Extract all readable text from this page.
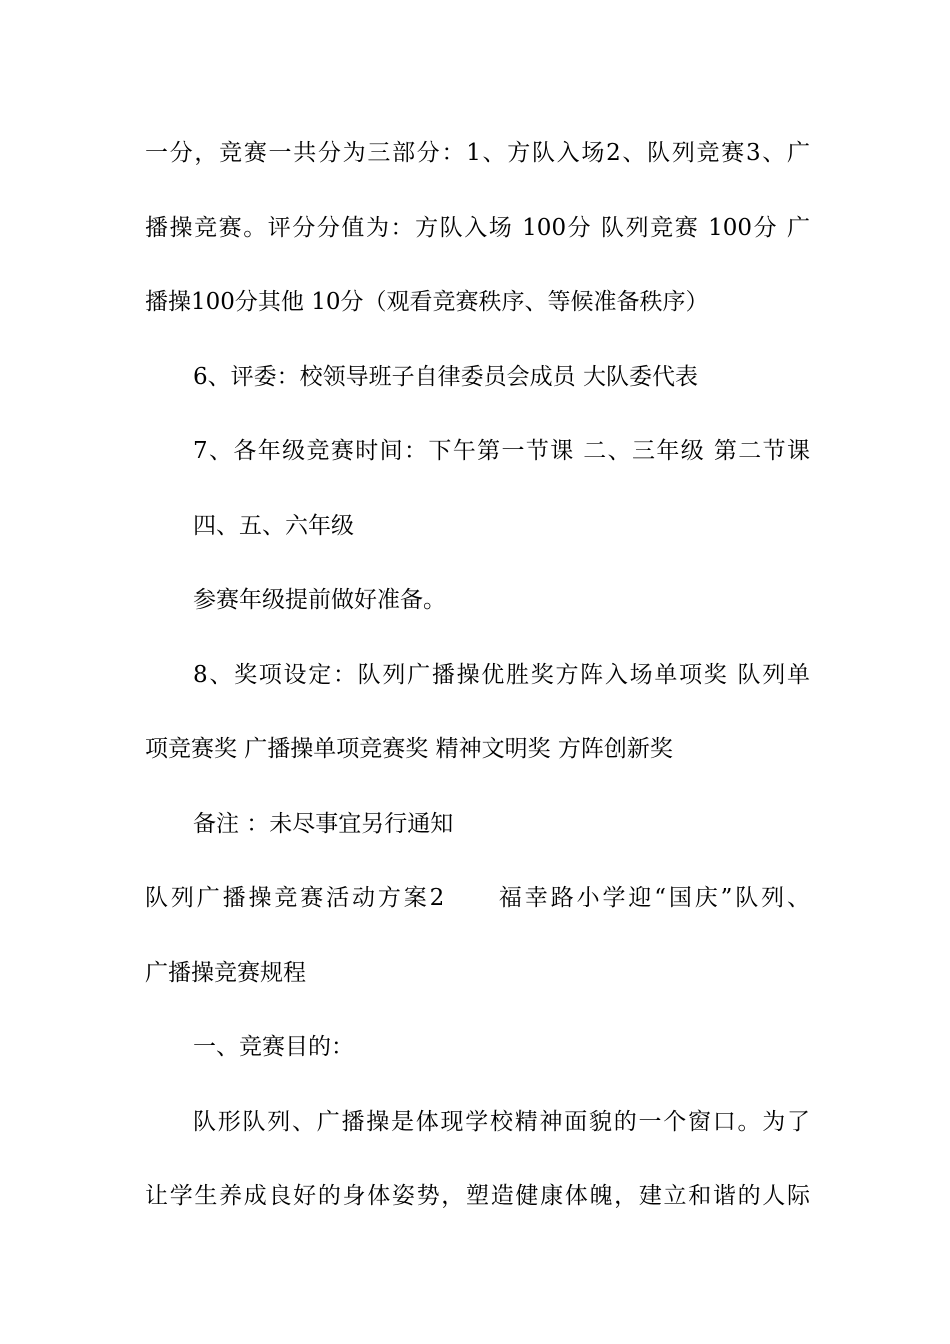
一分，竞赛一共分为三部分：1、方队入场2、队列竞赛3、广
播操竞赛。评分分值为：方队入场 100分 队列竞赛 100分 广
播操100分其他 10分（观看竞赛秩序、等候准备秩序）
6、评委：校领导班子自律委员会成员 大队委代表
7、各年级竞赛时间：下午第一节课 二、三年级 第二节课
四、五、六年级
参赛年级提前做好准备。
8、奖项设定：队列广播操优胜奖方阵入场单项奖 队列单
项竞赛奖 广播操单项竞赛奖 精神文明奖 方阵创新奖
备注 ：未尽事宜另行通知
队列广播操竞赛活动方案2　　福幸路小学迎“国庆”队列、
广播操竞赛规程
一、竞赛目的：
队形队列、广播操是体现学校精神面貌的一个窗口。为了
让学生养成良好的身体姿势，塑造健康体魄，建立和谐的人际
